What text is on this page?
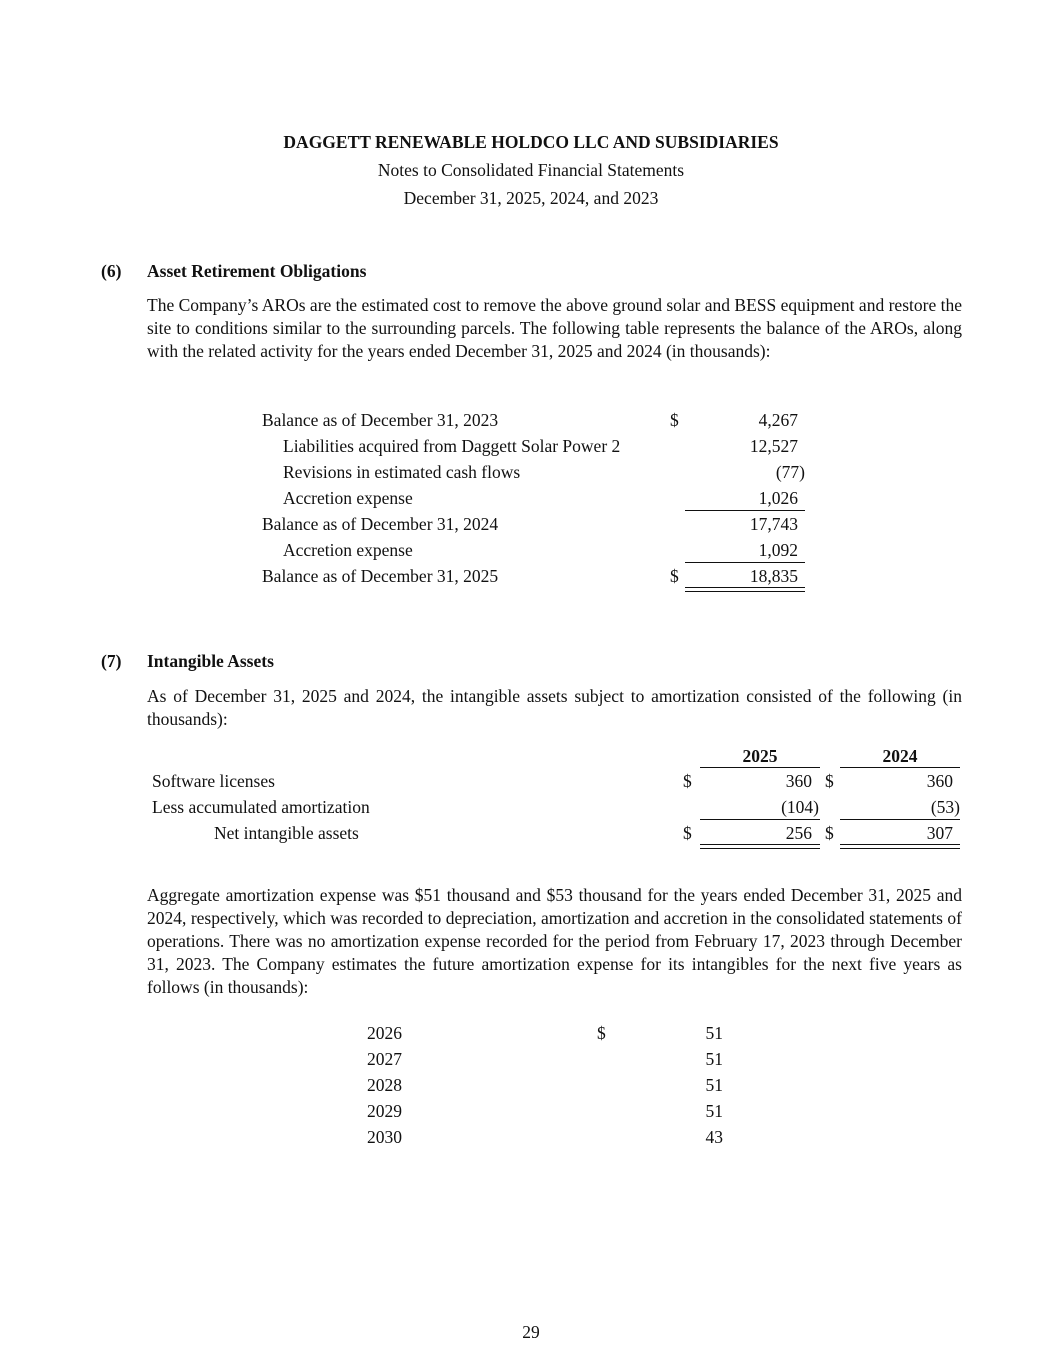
DAGGETT RENEWABLE HOLDCO LLC AND SUBSIDIARIES
Notes to Consolidated Financial Statements
December 31, 2025, 2024, and 2023
(6) Asset Retirement Obligations
The Company’s AROs are the estimated cost to remove the above ground solar and BESS equipment and restore the site to conditions similar to the surrounding parcels. The following table represents the balance of the AROs, along with the related activity for the years ended December 31, 2025 and 2024 (in thousands):
Balance as of December 31, 2023	$	4,267
Liabilities acquired from Daggett Solar Power 2	12,527
Revisions in estimated cash flows	(77)
Accretion expense	1,026
Balance as of December 31, 2024	17,743
Accretion expense	1,092
Balance as of December 31, 2025	$	18,835
(7) Intangible Assets
As of December 31, 2025 and 2024, the intangible assets subject to amortization consisted of the following (in thousands):
2025	2024
Software licenses	$	360 $	360
Less accumulated amortization	(104)	(53)
Net intangible assets	$	256 $	307
Aggregate amortization expense was $51 thousand and $53 thousand for the years ended December 31, 2025 and 2024, respectively, which was recorded to depreciation, amortization and accretion in the consolidated statements of operations. There was no amortization expense recorded for the period from February 17, 2023 through December 31, 2023. The Company estimates the future amortization expense for its intangibles for the next five years as follows (in thousands):
2026	$	51
2027	51
2028	51
2029	51
2030	43
29
